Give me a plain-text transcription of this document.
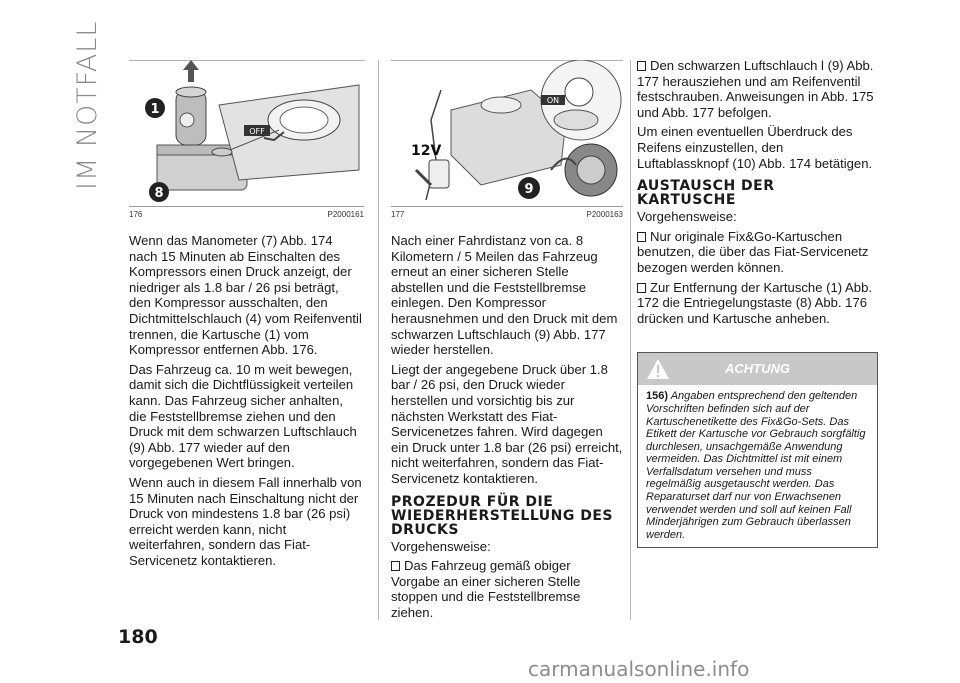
IM NOTFALL	OFF
1
8
176	P2000161

Wenn das Manometer (7) Abb. 174 nach 15 Minuten ab Einschalten des Kompressors einen Druck anzeigt, der niedriger als 1.8 bar / 26 psi beträgt, den Kompressor ausschalten, den Dichtmittelschlauch (4) vom Reifenventil trennen, die Kartusche (1) vom Kompressor entfernen Abb. 176.

Das Fahrzeug ca. 10 m weit bewegen, damit sich die Dichtflüssigkeit verteilen kann. Das Fahrzeug sicher anhalten, die Feststellbremse ziehen und den Druck mit dem schwarzen Luftschlauch (9) Abb. 177 wieder auf den vorgegebenen Wert bringen.

Wenn auch in diesem Fall innerhalb von 15 Minuten nach Einschaltung nicht der Druck von mindestens 1.8 bar (26 psi) erreicht werden kann, nicht weiterfahren, sondern das Fiat-Servicenetz kontaktieren.

ON
12V
9
177	P2000163

Nach einer Fahrdistanz von ca. 8 Kilometern / 5 Meilen das Fahrzeug erneut an einer sicheren Stelle abstellen und die Feststellbremse einlegen. Den Kompressor herausnehmen und den Druck mit dem schwarzen Luftschlauch (9) Abb. 177 wieder herstellen.

Liegt der angegebene Druck über 1.8 bar / 26 psi, den Druck wieder herstellen und vorsichtig bis zur nächsten Werkstatt des Fiat-Servicenetzes fahren. Wird dagegen ein Druck unter 1.8 bar (26 psi) erreicht, nicht weiterfahren, sondern das Fiat-Servicenetz kontaktieren.

PROZEDUR FÜR DIE WIEDERHERSTELLUNG DES DRUCKS

Vorgehensweise:

Das Fahrzeug gemäß obiger Vorgabe an einer sicheren Stelle stoppen und die Feststellbremse ziehen.

Den schwarzen Luftschlauch l (9) Abb. 177 herausziehen und am Reifenventil festschrauben. Anweisungen in Abb. 175 und Abb. 177 befolgen.

Um einen eventuellen Überdruck des Reifens einzustellen, den Luftablassknopf (10) Abb. 174 betätigen.

AUSTAUSCH DER KARTUSCHE

Vorgehensweise:

Nur originale Fix&Go-Kartuschen benutzen, die über das Fiat-Servicenetz bezogen werden können.

Zur Entfernung der Kartusche (1) Abb. 172 die Entriegelungstaste (8) Abb. 176 drücken und Kartusche anheben.

ACHTUNG
156) Angaben entsprechend den geltenden Vorschriften befinden sich auf der Kartuschenetikette des Fix&Go-Sets. Das Etikett der Kartusche vor Gebrauch sorgfältig durchlesen, unsachgemäße Anwendung vermeiden. Das Dichtmittel ist mit einem Verfallsdatum versehen und muss regelmäßig ausgetauscht werden. Das Reparaturset darf nur von Erwachsenen verwendet werden und soll auf keinen Fall Minderjährigen zum Gebrauch überlassen werden.
180
carmanualsonline.info
